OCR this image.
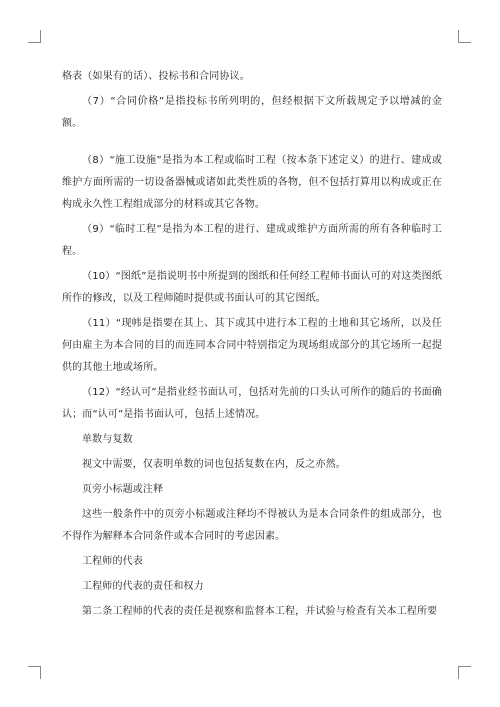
格表（如果有的话）、投标书和合同协议。

（7）“合同价格”是指投标书所列明的，但经根据下文所载规定予以增减的金额。

（8）“施工设施”是指为本工程或临时工程（按本条下述定义）的进行、建成或维护方面所需的一切设备器械或诸如此类性质的各物，但不包括打算用以构成或正在构成永久性工程组成部分的材料或其它各物。

（9）“临时工程”是指为本工程的进行、建成或维护方面所需的所有各种临时工程。

（10）“图纸”是指说明书中所提到的图纸和任何经工程师书面认可的对这类图纸所作的修改，以及工程师随时提供或书面认可的其它图纸。

（11）“现帏是指要在其上、其下或其中进行本工程的土地和其它场所，以及任何由雇主为本合同的目的而连同本合同中特别指定为现场组成部分的其它场所一起提供的其他土地或场所。

（12）“经认可”是指业经书面认可，包括对先前的口头认可所作的随后的书面确认；而“认可”是指书面认可，包括上述情况。

单数与复数

视文中需要，仅表明单数的词也包括复数在内，反之亦然。

页旁小标题或注释

这些一般条件中的页旁小标题或注释均不得被认为是本合同条件的组成部分，也不得作为解释本合同条件或本合同时的考虑因素。

工程师的代表

工程师的代表的责任和权力

第二条工程师的代表的责任是视察和监督本工程，并试验与检查有关本工程所要
